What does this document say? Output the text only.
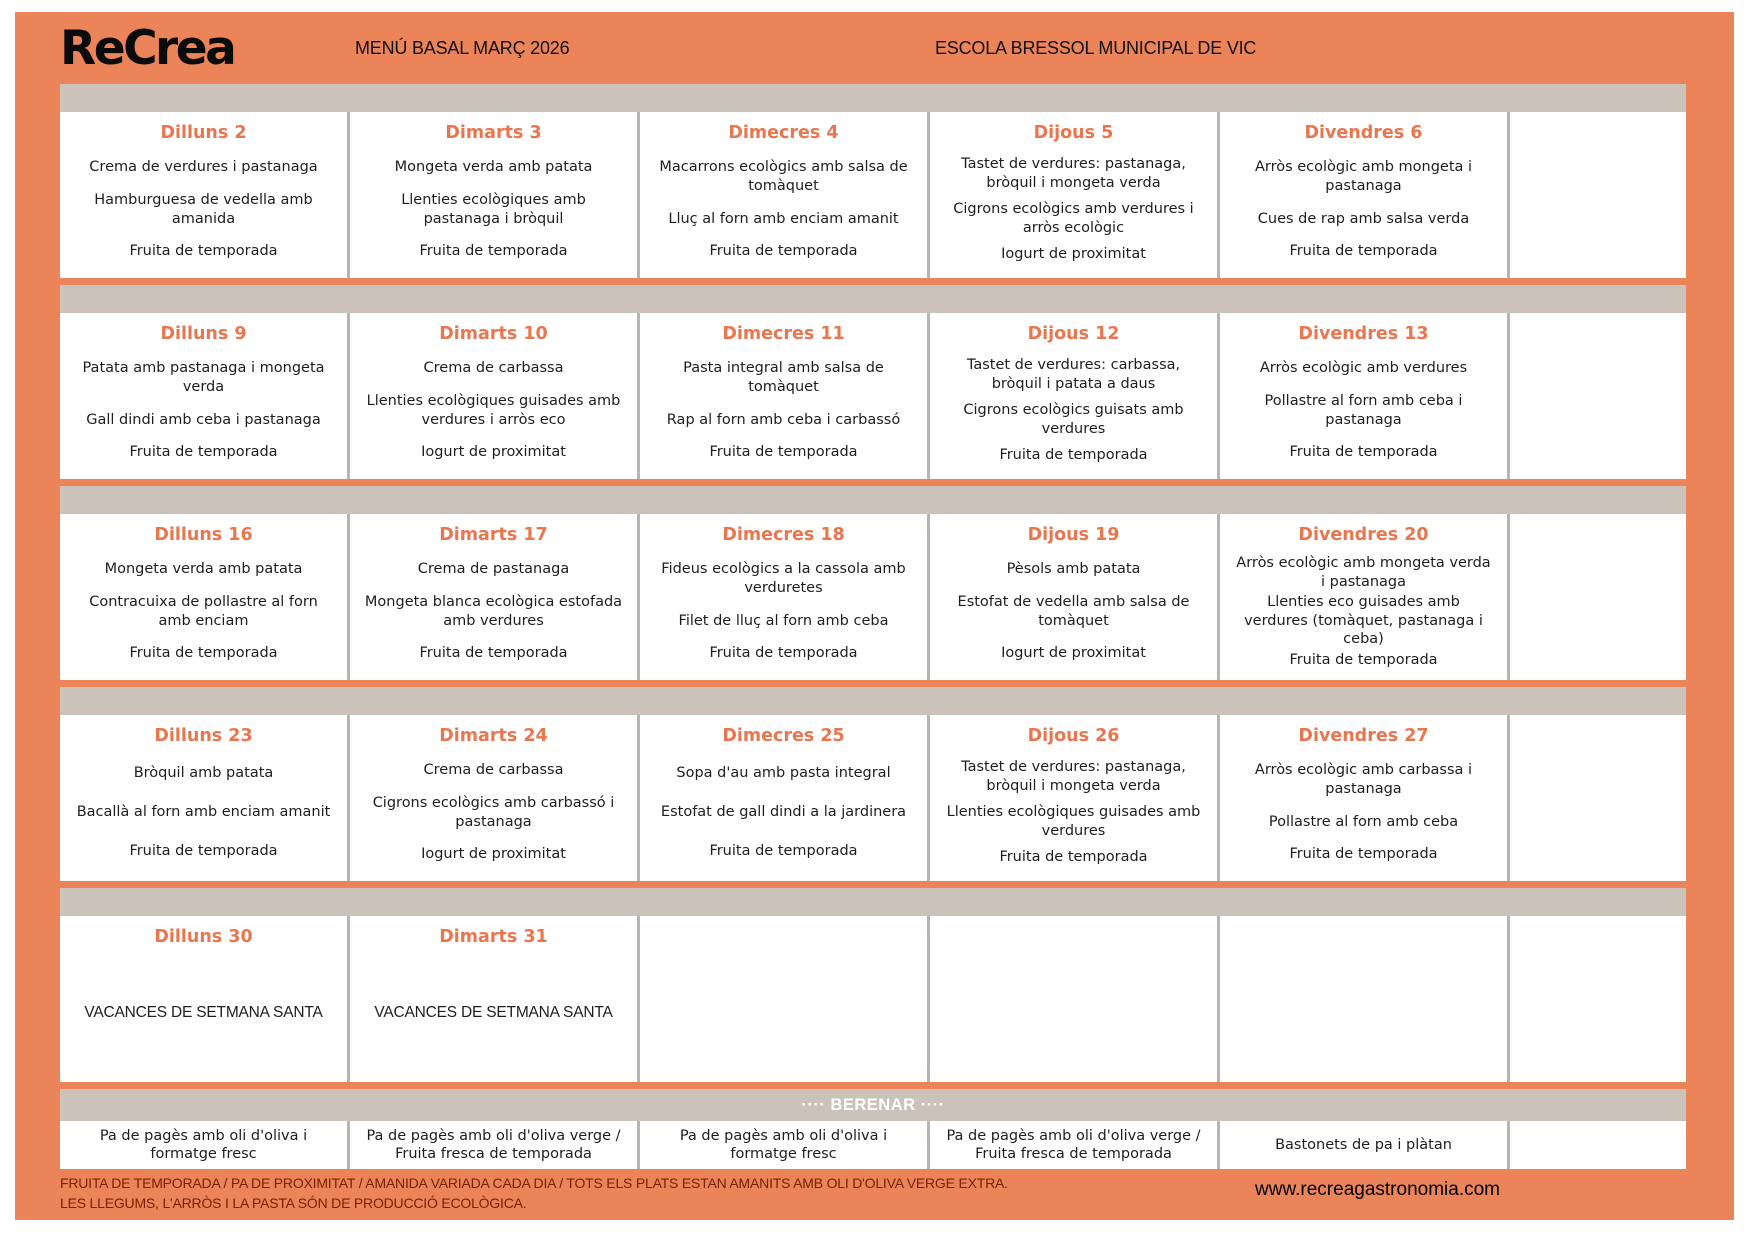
ReCrea	MENÚ BASAL MARÇ 2026	ESCOLA BRESSOL MUNICIPAL DE VIC
Dilluns 2
Crema de verdures i pastanaga
Hamburguesa de vedella amb amanida
Fruita de temporada
Dimarts 3
Mongeta verda amb patata
Llenties ecològiques amb pastanaga i bròquil
Fruita de temporada
Dimecres 4
Macarrons ecològics amb salsa de tomàquet
Lluç al forn amb enciam amanit
Fruita de temporada
Dijous 5
Tastet de verdures: pastanaga, bròquil i mongeta verda
Cigrons ecològics amb verdures i arròs ecològic
Iogurt de proximitat
Divendres 6
Arròs ecològic amb mongeta i pastanaga
Cues de rap amb salsa verda
Fruita de temporada
Dilluns 9
Patata amb pastanaga i mongeta verda
Gall dindi amb ceba i pastanaga
Fruita de temporada
Dimarts 10
Crema de carbassa
Llenties ecològiques guisades amb verdures i arròs eco
Iogurt de proximitat
Dimecres 11
Pasta integral amb salsa de tomàquet
Rap al forn amb ceba i carbassó
Fruita de temporada
Dijous 12
Tastet de verdures: carbassa, bròquil i patata a daus
Cigrons ecològics guisats amb verdures
Fruita de temporada
Divendres 13
Arròs ecològic amb verdures
Pollastre al forn amb ceba i pastanaga
Fruita de temporada
Dilluns 16
Mongeta verda amb patata
Contracuixa de pollastre al forn amb enciam
Fruita de temporada
Dimarts 17
Crema de pastanaga
Mongeta blanca ecològica estofada amb verdures
Fruita de temporada
Dimecres 18
Fideus ecològics a la cassola amb verduretes
Filet de lluç al forn amb ceba
Fruita de temporada
Dijous 19
Pèsols amb patata
Estofat de vedella amb salsa de tomàquet
Iogurt de proximitat
Divendres 20
Arròs ecològic amb mongeta verda i pastanaga
Llenties eco guisades amb verdures (tomàquet, pastanaga i ceba)
Fruita de temporada
Dilluns 23
Bròquil amb patata
Bacallà al forn amb enciam amanit
Fruita de temporada
Dimarts 24
Crema de carbassa
Cigrons ecològics amb carbassó i pastanaga
Iogurt de proximitat
Dimecres 25
Sopa d'au amb pasta integral
Estofat de gall dindi a la jardinera
Fruita de temporada
Dijous 26
Tastet de verdures: pastanaga, bròquil i mongeta verda
Llenties ecològiques guisades amb verdures
Fruita de temporada
Divendres 27
Arròs ecològic amb carbassa i pastanaga
Pollastre al forn amb ceba
Fruita de temporada
Dilluns 30
VACANCES DE SETMANA SANTA
Dimarts 31
VACANCES DE SETMANA SANTA
···· BERENAR ····
Pa de pagès amb oli d'oliva i formatge fresc
Pa de pagès amb oli d'oliva verge / Fruita fresca de temporada
Pa de pagès amb oli d'oliva i formatge fresc
Pa de pagès amb oli d'oliva verge / Fruita fresca de temporada
Bastonets de pa i plàtan
FRUITA DE TEMPORADA / PA DE PROXIMITAT / AMANIDA VARIADA CADA DIA / TOTS ELS PLATS ESTAN AMANITS AMB OLI D'OLIVA VERGE EXTRA.
LES LLEGUMS, L'ARRÒS I LA PASTA SÓN DE PRODUCCIÓ ECOLÒGICA.
www.recreagastronomia.com
